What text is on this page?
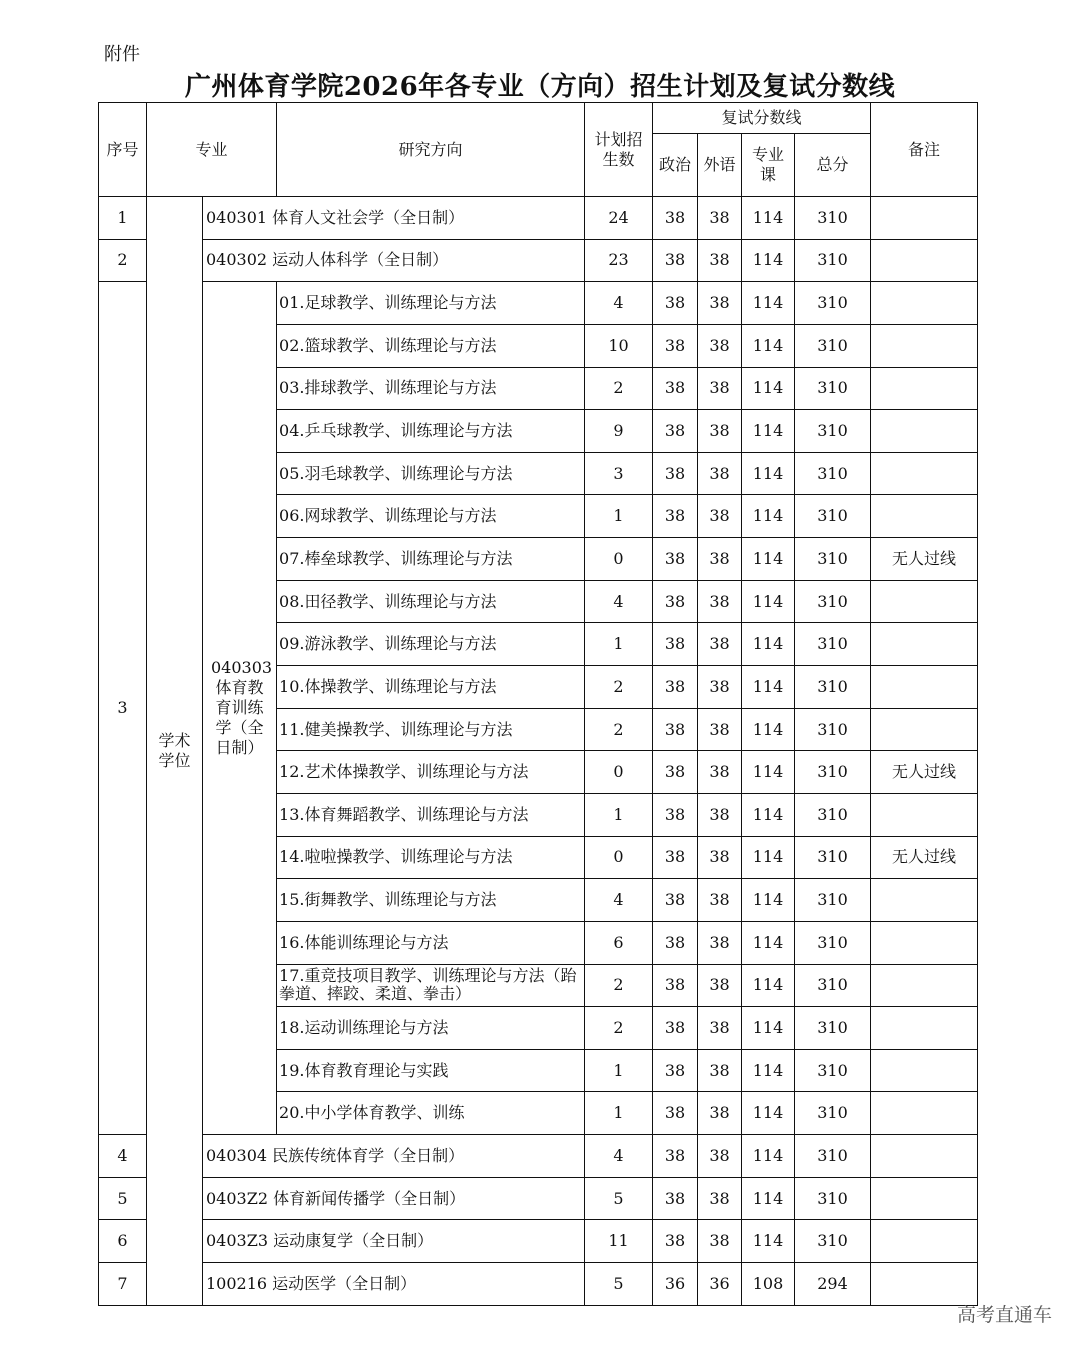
附件
广州体育学院2026年各专业（方向）招生计划及复试分数线
序号	专业		研究方向	计划招生数	复试分数线				备注
					政治	外语	专业课	总分	
1	学术学位	040301 体育人文社会学（全日制）		24	38	38	114	310	
2		040302 运动人体科学（全日制）		23	38	38	114	310	
3		040303体育教育训练学（全日制）	01.足球教学、训练理论与方法	4	38	38	114	310	
			02.篮球教学、训练理论与方法	10	38	38	114	310	
			03.排球教学、训练理论与方法	2	38	38	114	310	
			04.乒乓球教学、训练理论与方法	9	38	38	114	310	
			05.羽毛球教学、训练理论与方法	3	38	38	114	310	
			06.网球教学、训练理论与方法	1	38	38	114	310	
			07.棒垒球教学、训练理论与方法	0	38	38	114	310	无人过线
			08.田径教学、训练理论与方法	4	38	38	114	310	
			09.游泳教学、训练理论与方法	1	38	38	114	310	
			10.体操教学、训练理论与方法	2	38	38	114	310	
			11.健美操教学、训练理论与方法	2	38	38	114	310	
			12.艺术体操教学、训练理论与方法	0	38	38	114	310	无人过线
			13.体育舞蹈教学、训练理论与方法	1	38	38	114	310	
			14.啦啦操教学、训练理论与方法	0	38	38	114	310	无人过线
			15.街舞教学、训练理论与方法	4	38	38	114	310	
			16.体能训练理论与方法	6	38	38	114	310	
			17.重竞技项目教学、训练理论与方法（跆拳道、摔跤、柔道、拳击）	2	38	38	114	310	
			18.运动训练理论与方法	2	38	38	114	310	
			19.体育教育理论与实践	1	38	38	114	310	
			20.中小学体育教学、训练	1	38	38	114	310	
4		040304 民族传统体育学（全日制）		4	38	38	114	310	
5		0403Z2 体育新闻传播学（全日制）		5	38	38	114	310	
6		0403Z3 运动康复学（全日制）		11	38	38	114	310	
7		100216 运动医学（全日制）		5	36	36	108	294	
高考直通车
